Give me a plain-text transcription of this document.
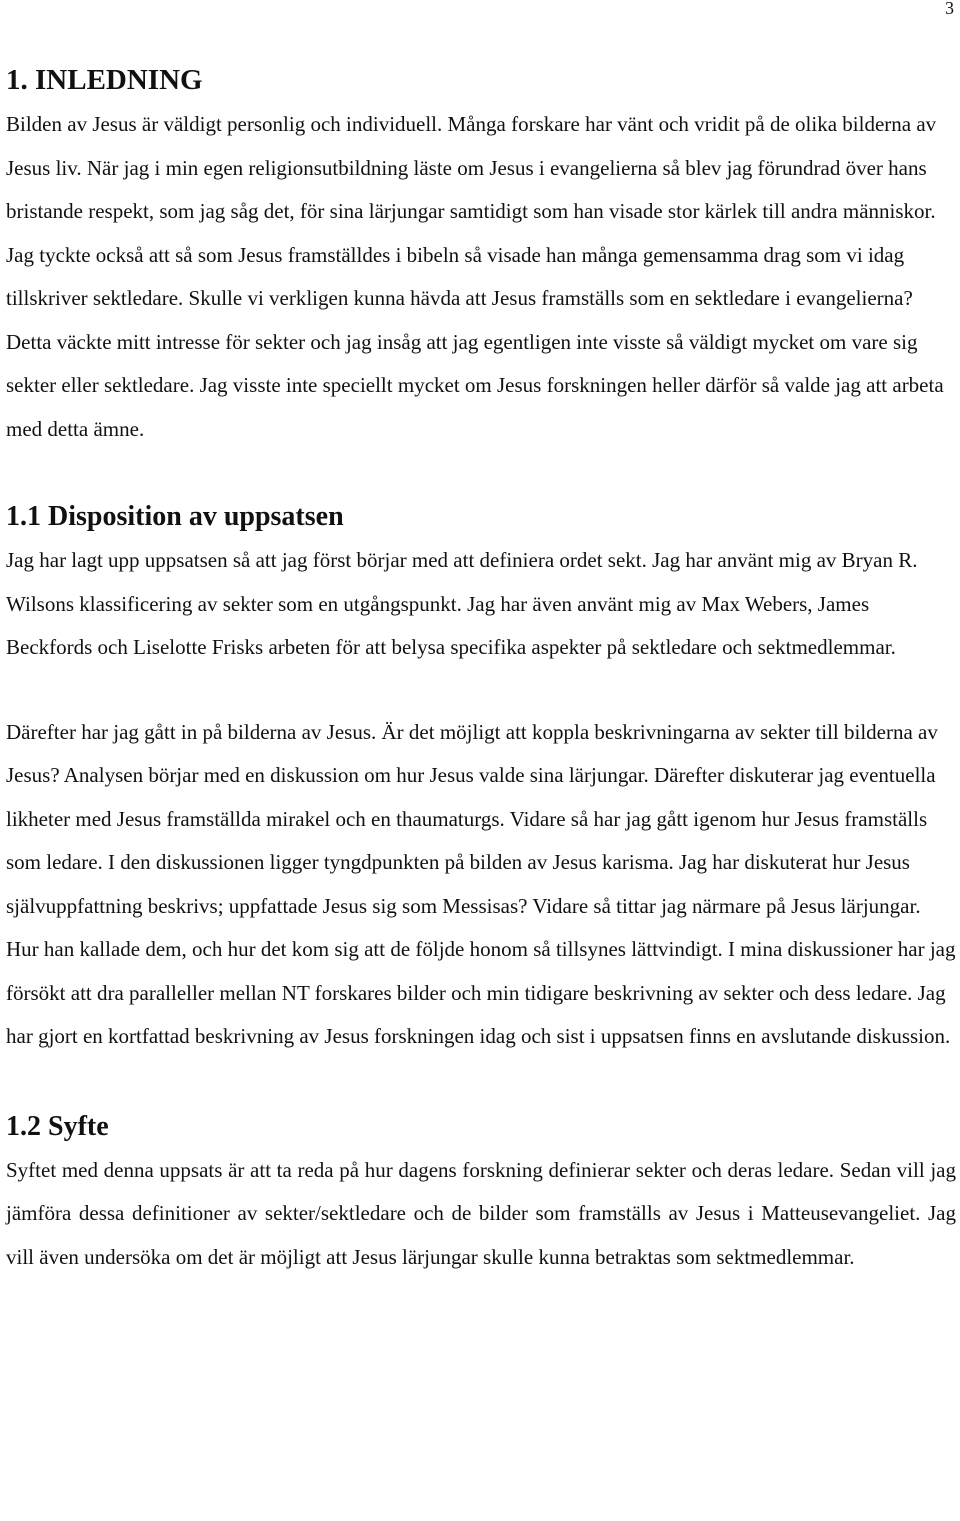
3
1. INLEDNING

Bilden av Jesus är väldigt personlig och individuell. Många forskare har vänt och vridit på de olika bilderna av Jesus liv. När jag i min egen religionsutbildning läste om Jesus i evangelierna så blev jag förundrad över hans bristande respekt, som jag såg det, för sina lärjungar samtidigt som han visade stor kärlek till andra människor. Jag tyckte också att så som Jesus framställdes i bibeln så visade han många gemensamma drag som vi idag tillskriver sektledare. Skulle vi verkligen kunna hävda att Jesus framställs som en sektledare i evangelierna? Detta väckte mitt intresse för sekter och jag insåg att jag egentligen inte visste så väldigt mycket om vare sig sekter eller sektledare. Jag visste inte speciellt mycket om Jesus forskningen heller därför så valde jag att arbeta med detta ämne.

1.1 Disposition av uppsatsen

Jag har lagt upp uppsatsen så att jag först börjar med att definiera ordet sekt. Jag har använt mig av Bryan R. Wilsons klassificering av sekter som en utgångspunkt. Jag har även använt mig av Max Webers, James Beckfords och Liselotte Frisks arbeten för att belysa specifika aspekter på sektledare och sektmedlemmar.

Därefter har jag gått in på bilderna av Jesus. Är det möjligt att koppla beskrivningarna av sekter till bilderna av Jesus? Analysen börjar med en diskussion om hur Jesus valde sina lärjungar. Därefter diskuterar jag eventuella likheter med Jesus framställda mirakel och en thaumaturgs. Vidare så har jag gått igenom hur Jesus framställs som ledare. I den diskussionen ligger tyngdpunkten på bilden av Jesus karisma. Jag har diskuterat hur Jesus självuppfattning beskrivs; uppfattade Jesus sig som Messisas? Vidare så tittar jag närmare på Jesus lärjungar. Hur han kallade dem, och hur det kom sig att de följde honom så tillsynes lättvindigt. I mina diskussioner har jag försökt att dra paralleller mellan NT forskares bilder och min tidigare beskrivning av sekter och dess ledare. Jag har gjort en kortfattad beskrivning av Jesus forskningen idag och sist i uppsatsen finns en avslutande diskussion.

1.2 Syfte

Syftet med denna uppsats är att ta reda på hur dagens forskning definierar sekter och deras ledare. Sedan vill jag jämföra dessa definitioner av sekter/sektledare och de bilder som framställs av Jesus i Matteusevangeliet. Jag vill även undersöka om det är möjligt att Jesus lärjungar skulle kunna betraktas som sektmedlemmar.
